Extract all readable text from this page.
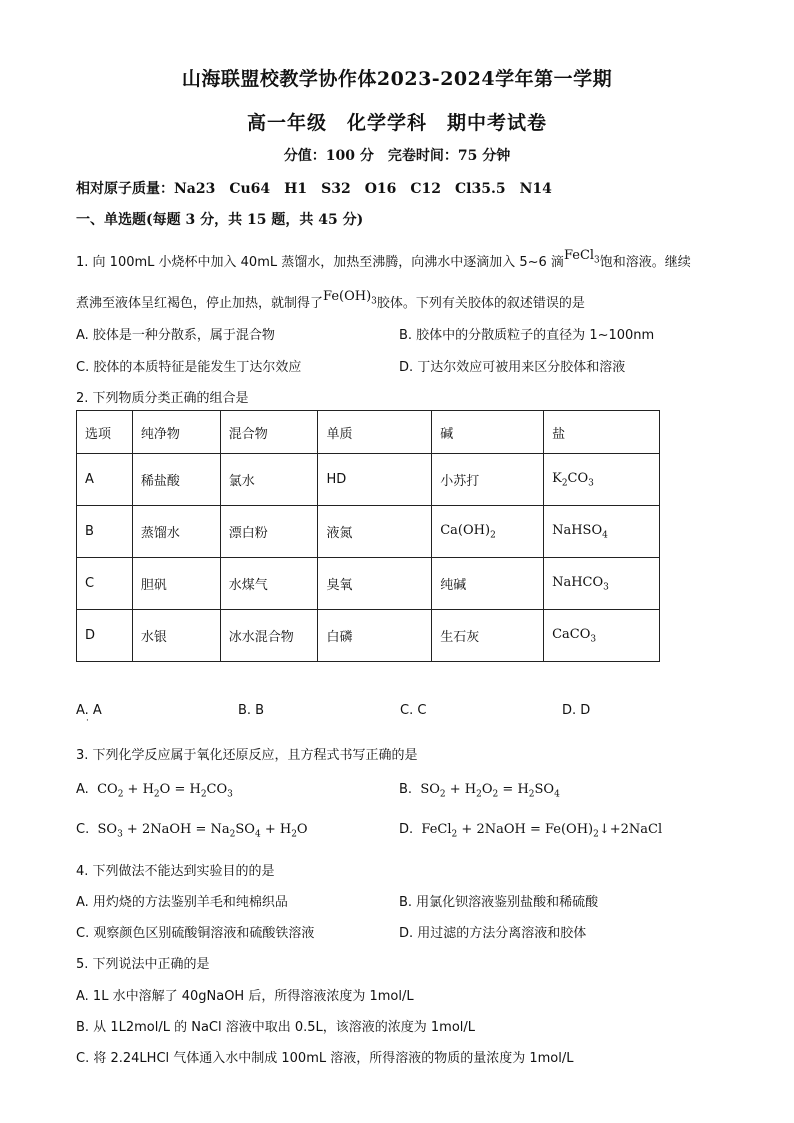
山海联盟校教学协作体2023-2024学年第一学期
高一年级　化学学科　期中考试卷
分值：100 分　完卷时间：75 分钟
相对原子质量：Na23　Cu64　H1　S32　O16　C12　Cl35.5　N14
一、单选题(每题 3 分，共 15 题，共 45 分)
1. 向 100mL 小烧杯中加入 40mL 蒸馏水，加热至沸腾，向沸水中逐滴加入 5~6 滴FeCl$_3$饱和溶液。继续
煮沸至液体呈红褐色，停止加热，就制得了$Fe(OH)_3$胶体。下列有关胶体的叙述错误的是
A. 胶体是一种分散系，属于混合物	B. 胶体中的分散质粒子的直径为 1~100nm
C. 胶体的本质特征是能发生丁达尔效应	D. 丁达尔效应可被用来区分胶体和溶液
2. 下列物质分类正确的组合是
选项	纯净物	混合物	单质	碱	盐
A	稀盐酸	氯水	HD	小苏打	$K_2CO_3$
B	蒸馏水	漂白粉	液氮	$Ca(OH)_2$	NaHSO$_4$
C	胆矾	水煤气	臭氧	纯碱	NaHCO$_3$
D	水银	冰水混合物	白磷	生石灰	CaCO$_3$
A. A
·
B. B	C. C	D. D
3. 下列化学反应属于氧化还原反应，且方程式书写正确的是
A.  $CO_2 + H_2O = H_2CO_3$	B.  $SO_2 + H_2O_2 = H_2SO_4$
C.  $SO_3$ + 2NaOH = $Na_2SO_4 + H_2O$	D.  FeCl$_2$ + 2NaOH = $Fe(OH)_2↓+2NaCl$
4. 下列做法不能达到实验目的的是
A. 用灼烧的方法鉴别羊毛和纯棉织品	B. 用氯化钡溶液鉴别盐酸和稀硫酸
C. 观察颜色区别硫酸铜溶液和硫酸铁溶液	D. 用过滤的方法分离溶液和胶体
5. 下列说法中正确的是
A. 1L 水中溶解了 40gNaOH 后，所得溶液浓度为 1mol/L
B. 从 1L2mol/L 的 NaCl 溶液中取出 0.5L，该溶液的浓度为 1mol/L
C. 将 2.24LHCl 气体通入水中制成 100mL 溶液，所得溶液的物质的量浓度为 1mol/L
